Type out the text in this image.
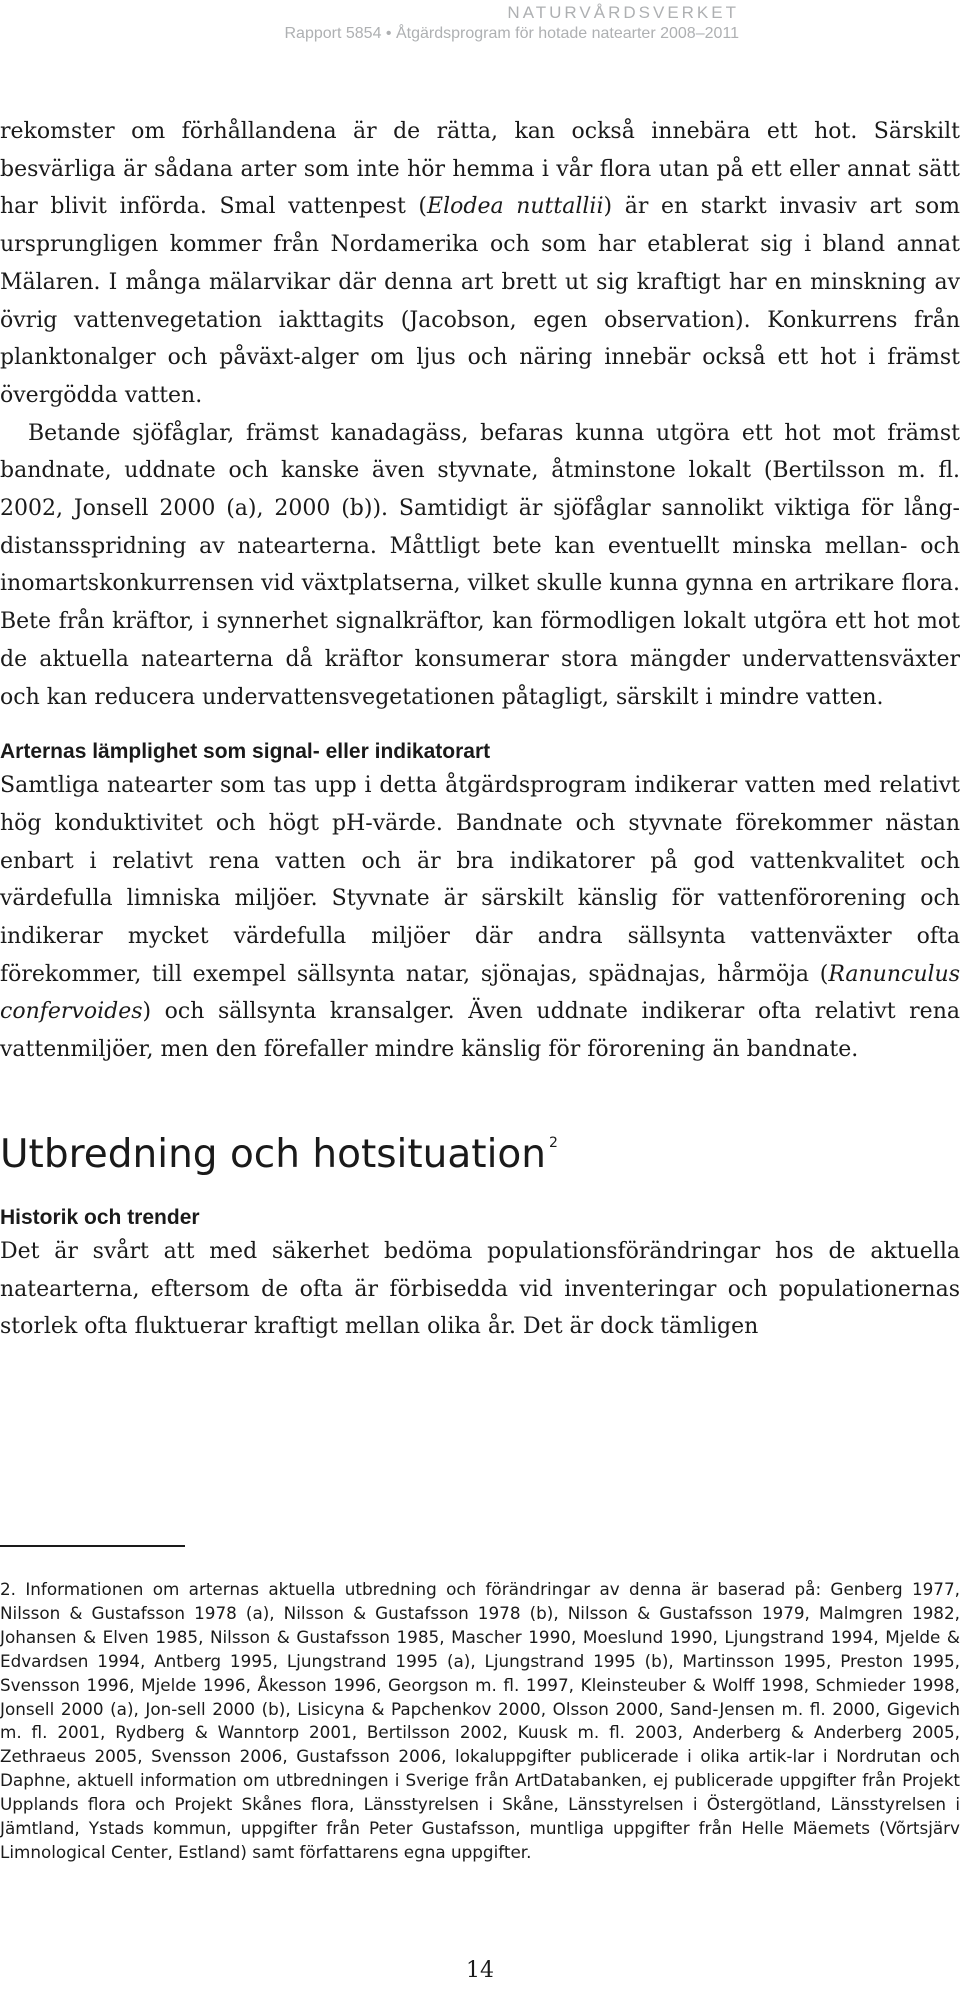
NATURVÅRDSVERKET
Rapport 5854 • Åtgärdsprogram för hotade natearter 2008–2011

rekomster om förhållandena är de rätta, kan också innebära ett hot. Särskilt besvärliga är sådana arter som inte hör hemma i vår flora utan på ett eller annat sätt har blivit införda. Smal vattenpest (Elodea nuttallii) är en starkt invasiv art som ursprungligen kommer från Nordamerika och som har etablerat sig i bland annat Mälaren. I många mälarvikar där denna art brett ut sig kraftigt har en minskning av övrig vattenvegetation iakttagits (Jacobson, egen observation). Konkurrens från planktonalger och påväxt-alger om ljus och näring innebär också ett hot i främst övergödda vatten.

Betande sjöfåglar, främst kanadagäss, befaras kunna utgöra ett hot mot främst bandnate, uddnate och kanske även styvnate, åtminstone lokalt (Bertilsson m. fl. 2002, Jonsell 2000 (a), 2000 (b)). Samtidigt är sjöfåglar sannolikt viktiga för lång-distansspridning av natearterna. Måttligt bete kan eventuellt minska mellan- och inomartskonkurrensen vid växtplatserna, vilket skulle kunna gynna en artrikare flora. Bete från kräftor, i synnerhet signalkräftor, kan förmodligen lokalt utgöra ett hot mot de aktuella natearterna då kräftor konsumerar stora mängder undervattensväxter och kan reducera undervattensvegetationen påtagligt, särskilt i mindre vatten.

Arternas lämplighet som signal- eller indikatorart

Samtliga natearter som tas upp i detta åtgärdsprogram indikerar vatten med relativt hög konduktivitet och högt pH-värde. Bandnate och styvnate förekommer nästan enbart i relativt rena vatten och är bra indikatorer på god vattenkvalitet och värdefulla limniska miljöer. Styvnate är särskilt känslig för vattenförorening och indikerar mycket värdefulla miljöer där andra sällsynta vattenväxter ofta förekommer, till exempel sällsynta natar, sjönajas, spädnajas, hårmöja (Ranunculus confervoides) och sällsynta kransalger. Även uddnate indikerar ofta relativt rena vattenmiljöer, men den förefaller mindre känslig för förorening än bandnate.

Utbredning och hotsituation $^2$
Historik och trender

Det är svårt att med säkerhet bedöma populationsförändringar hos de aktuella natearterna, eftersom de ofta är förbisedda vid inventeringar och populationernas storlek ofta fluktuerar kraftigt mellan olika år. Det är dock tämligen

2. Informationen om arternas aktuella utbredning och förändringar av denna är baserad på: Genberg 1977, Nilsson & Gustafsson 1978 (a), Nilsson & Gustafsson 1978 (b), Nilsson & Gustafsson 1979, Malmgren 1982, Johansen & Elven 1985, Nilsson & Gustafsson 1985, Mascher 1990, Moeslund 1990, Ljungstrand 1994, Mjelde & Edvardsen 1994, Antberg 1995, Ljungstrand 1995 (a), Ljungstrand 1995 (b), Martinsson 1995, Preston 1995, Svensson 1996, Mjelde 1996, Åkesson 1996, Georgson m. fl. 1997, Kleinsteuber & Wolff 1998, Schmieder 1998, Jonsell 2000 (a), Jon-sell 2000 (b), Lisicyna & Papchenkov 2000, Olsson 2000, Sand-Jensen m. fl. 2000, Gigevich m. fl. 2001, Rydberg & Wanntorp 2001, Bertilsson 2002, Kuusk m. fl. 2003, Anderberg & Anderberg 2005, Zethraeus 2005, Svensson 2006, Gustafsson 2006, lokaluppgifter publicerade i olika artik-lar i Nordrutan och Daphne, aktuell information om utbredningen i Sverige från ArtDatabanken, ej publicerade uppgifter från Projekt Upplands flora och Projekt Skånes flora, Länsstyrelsen i Skåne, Länsstyrelsen i Östergötland, Länsstyrelsen i Jämtland, Ystads kommun, uppgifter från Peter Gustafsson, muntliga uppgifter från Helle Mäemets (Võrtsjärv Limnological Center, Estland) samt författarens egna uppgifter.
14
